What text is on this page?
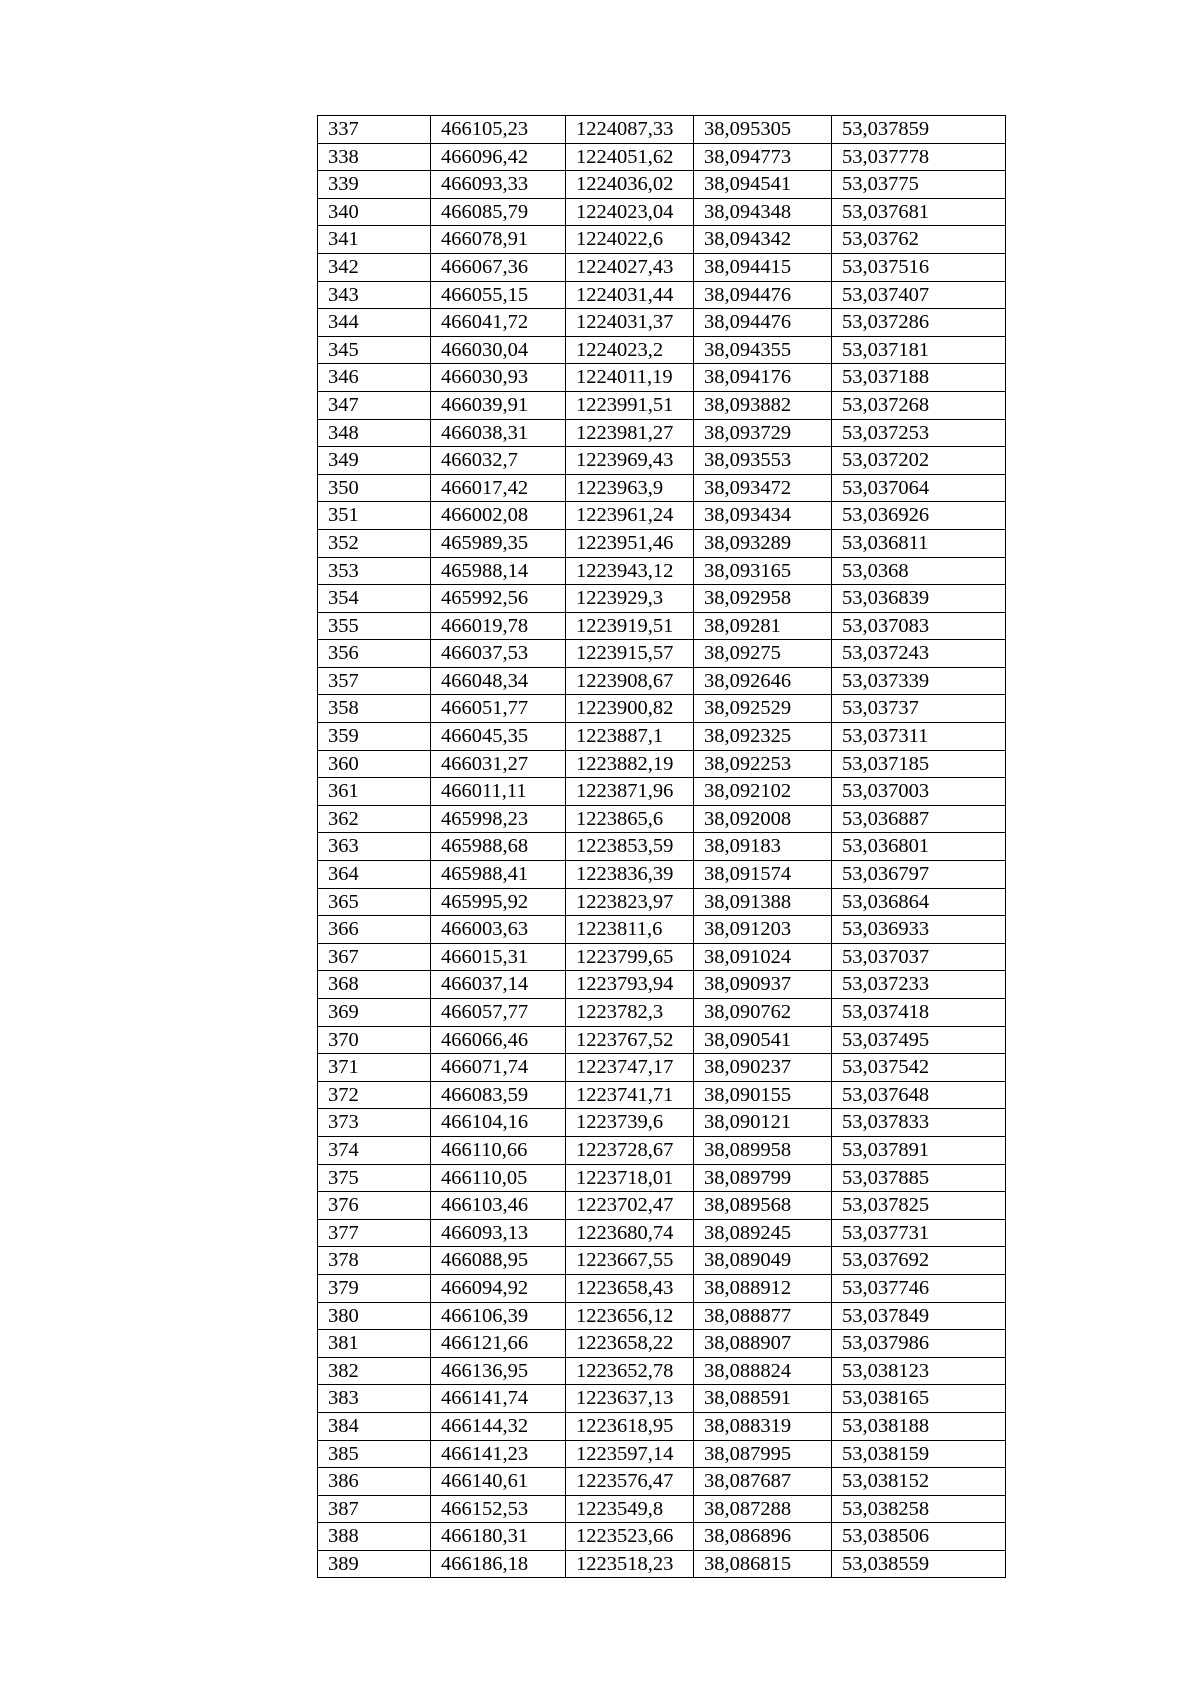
337	466105,23	1224087,33	38,095305	53,037859
338	466096,42	1224051,62	38,094773	53,037778
339	466093,33	1224036,02	38,094541	53,03775
340	466085,79	1224023,04	38,094348	53,037681
341	466078,91	1224022,6	38,094342	53,03762
342	466067,36	1224027,43	38,094415	53,037516
343	466055,15	1224031,44	38,094476	53,037407
344	466041,72	1224031,37	38,094476	53,037286
345	466030,04	1224023,2	38,094355	53,037181
346	466030,93	1224011,19	38,094176	53,037188
347	466039,91	1223991,51	38,093882	53,037268
348	466038,31	1223981,27	38,093729	53,037253
349	466032,7	1223969,43	38,093553	53,037202
350	466017,42	1223963,9	38,093472	53,037064
351	466002,08	1223961,24	38,093434	53,036926
352	465989,35	1223951,46	38,093289	53,036811
353	465988,14	1223943,12	38,093165	53,0368
354	465992,56	1223929,3	38,092958	53,036839
355	466019,78	1223919,51	38,09281	53,037083
356	466037,53	1223915,57	38,09275	53,037243
357	466048,34	1223908,67	38,092646	53,037339
358	466051,77	1223900,82	38,092529	53,03737
359	466045,35	1223887,1	38,092325	53,037311
360	466031,27	1223882,19	38,092253	53,037185
361	466011,11	1223871,96	38,092102	53,037003
362	465998,23	1223865,6	38,092008	53,036887
363	465988,68	1223853,59	38,09183	53,036801
364	465988,41	1223836,39	38,091574	53,036797
365	465995,92	1223823,97	38,091388	53,036864
366	466003,63	1223811,6	38,091203	53,036933
367	466015,31	1223799,65	38,091024	53,037037
368	466037,14	1223793,94	38,090937	53,037233
369	466057,77	1223782,3	38,090762	53,037418
370	466066,46	1223767,52	38,090541	53,037495
371	466071,74	1223747,17	38,090237	53,037542
372	466083,59	1223741,71	38,090155	53,037648
373	466104,16	1223739,6	38,090121	53,037833
374	466110,66	1223728,67	38,089958	53,037891
375	466110,05	1223718,01	38,089799	53,037885
376	466103,46	1223702,47	38,089568	53,037825
377	466093,13	1223680,74	38,089245	53,037731
378	466088,95	1223667,55	38,089049	53,037692
379	466094,92	1223658,43	38,088912	53,037746
380	466106,39	1223656,12	38,088877	53,037849
381	466121,66	1223658,22	38,088907	53,037986
382	466136,95	1223652,78	38,088824	53,038123
383	466141,74	1223637,13	38,088591	53,038165
384	466144,32	1223618,95	38,088319	53,038188
385	466141,23	1223597,14	38,087995	53,038159
386	466140,61	1223576,47	38,087687	53,038152
387	466152,53	1223549,8	38,087288	53,038258
388	466180,31	1223523,66	38,086896	53,038506
389	466186,18	1223518,23	38,086815	53,038559
